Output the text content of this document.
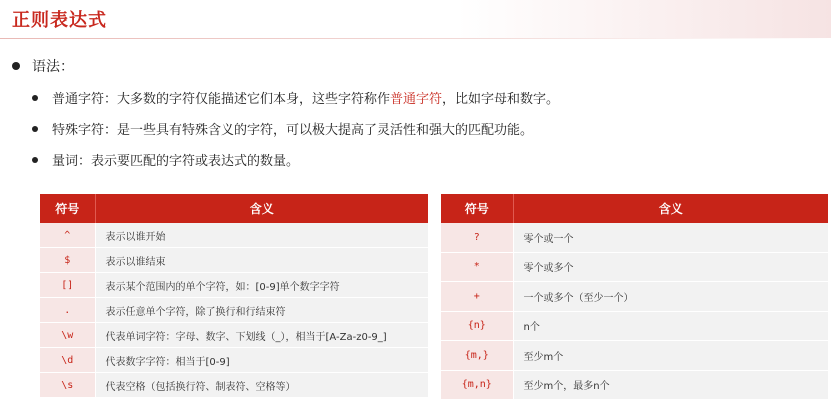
正则表达式
语法：
普通字符：大多数的字符仅能描述它们本身，这些字符称作 普通字符 ，比如字母和数字。
特殊字符：是一些具有特殊含义的字符，可以极大提高了灵活性和强大的匹配功能。
量词：表示要匹配的字符或表达式的数量。
符号	含义
^	表示以谁开始
$	表示以谁结束
[]	表示某个范围内的单个字符，如：[0-9]单个数字字符
.	表示任意单个字符，除了换行和行结束符
\w	代表单词字符：字母、数字、下划线（_），相当于[A-Za-z0-9_]
\d	代表数字字符：相当于[0-9]
\s	代表空格（包括换行符、制表符、空格等）
符号	含义
?	零个或一个
*	零个或多个
+	一个或多个（至少一个）
{n}	n个
{m,}	至少m个
{m,n}	至少m个，最多n个
